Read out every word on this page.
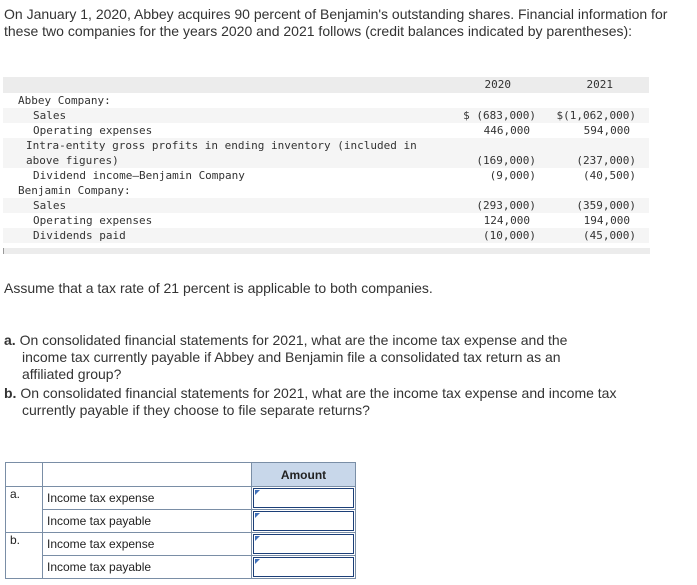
On January 1, 2020, Abbey acquires 90 percent of Benjamin's outstanding shares. Financial information for these two companies for the years 2020 and 2021 follows (credit balances indicated by parentheses):
2020	2021
Abbey Company:
Sales	$ (683,000)	$(1,062,000)
Operating expenses	446,000	594,000
Intra-entity gross profits in ending inventory (included in
above figures)	(169,000)	(237,000)
Dividend income—Benjamin Company	(9,000)	(40,500)
Benjamin Company:
Sales	(293,000)	(359,000)
Operating expenses	124,000	194,000
Dividends paid	(10,000)	(45,000)
Assume that a tax rate of 21 percent is applicable to both companies.
a. On consolidated financial statements for 2021, what are the income tax expense and the
income tax currently payable if Abbey and Benjamin file a consolidated tax return as an
affiliated group?
b. On consolidated financial statements for 2021, what are the income tax expense and income tax
currently payable if they choose to file separate returns?
		Amount
a.	Income tax expense	

	Income tax payable	

b.	Income tax expense	

	Income tax payable	
